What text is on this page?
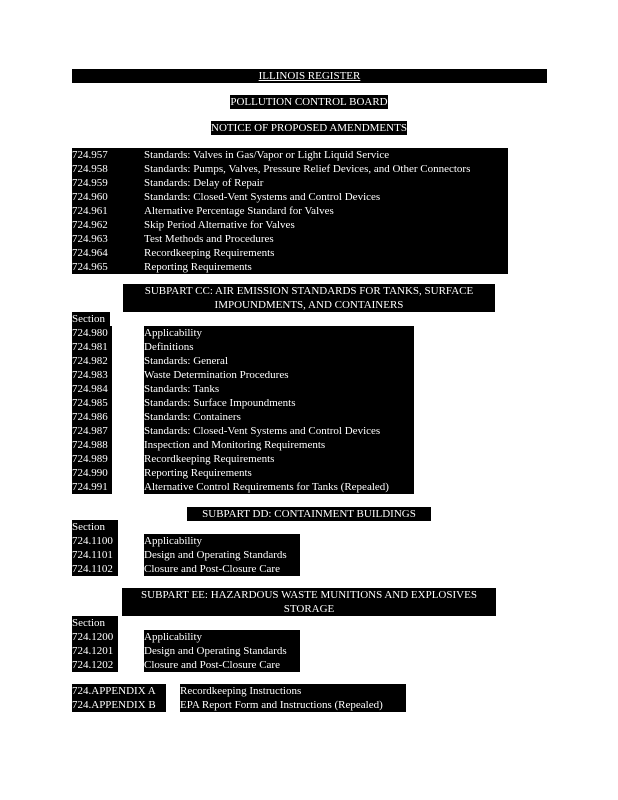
ILLINOIS REGISTER
POLLUTION CONTROL BOARD
NOTICE OF PROPOSED AMENDMENTS
724.957	Standards: Valves in Gas/Vapor or Light Liquid Service
724.958	Standards: Pumps, Valves, Pressure Relief Devices, and Other Connectors
724.959	Standards: Delay of Repair
724.960	Standards: Closed-Vent Systems and Control Devices
724.961	Alternative Percentage Standard for Valves
724.962	Skip Period Alternative for Valves
724.963	Test Methods and Procedures
724.964	Recordkeeping Requirements
724.965	Reporting Requirements
SUBPART CC: AIR EMISSION STANDARDS FOR TANKS, SURFACE
IMPOUNDMENTS, AND CONTAINERS
Section
724.980	Applicability
724.981	Definitions
724.982	Standards: General
724.983	Waste Determination Procedures
724.984	Standards: Tanks
724.985	Standards: Surface Impoundments
724.986	Standards: Containers
724.987	Standards: Closed-Vent Systems and Control Devices
724.988	Inspection and Monitoring Requirements
724.989	Recordkeeping Requirements
724.990	Reporting Requirements
724.991	Alternative Control Requirements for Tanks (Repealed)
SUBPART DD: CONTAINMENT BUILDINGS
Section
724.1100	Applicability
724.1101	Design and Operating Standards
724.1102	Closure and Post-Closure Care
SUBPART EE: HAZARDOUS WASTE MUNITIONS AND EXPLOSIVES
STORAGE
Section
724.1200	Applicability
724.1201	Design and Operating Standards
724.1202	Closure and Post-Closure Care
724.APPENDIX A	Recordkeeping Instructions
724.APPENDIX B	EPA Report Form and Instructions (Repealed)
